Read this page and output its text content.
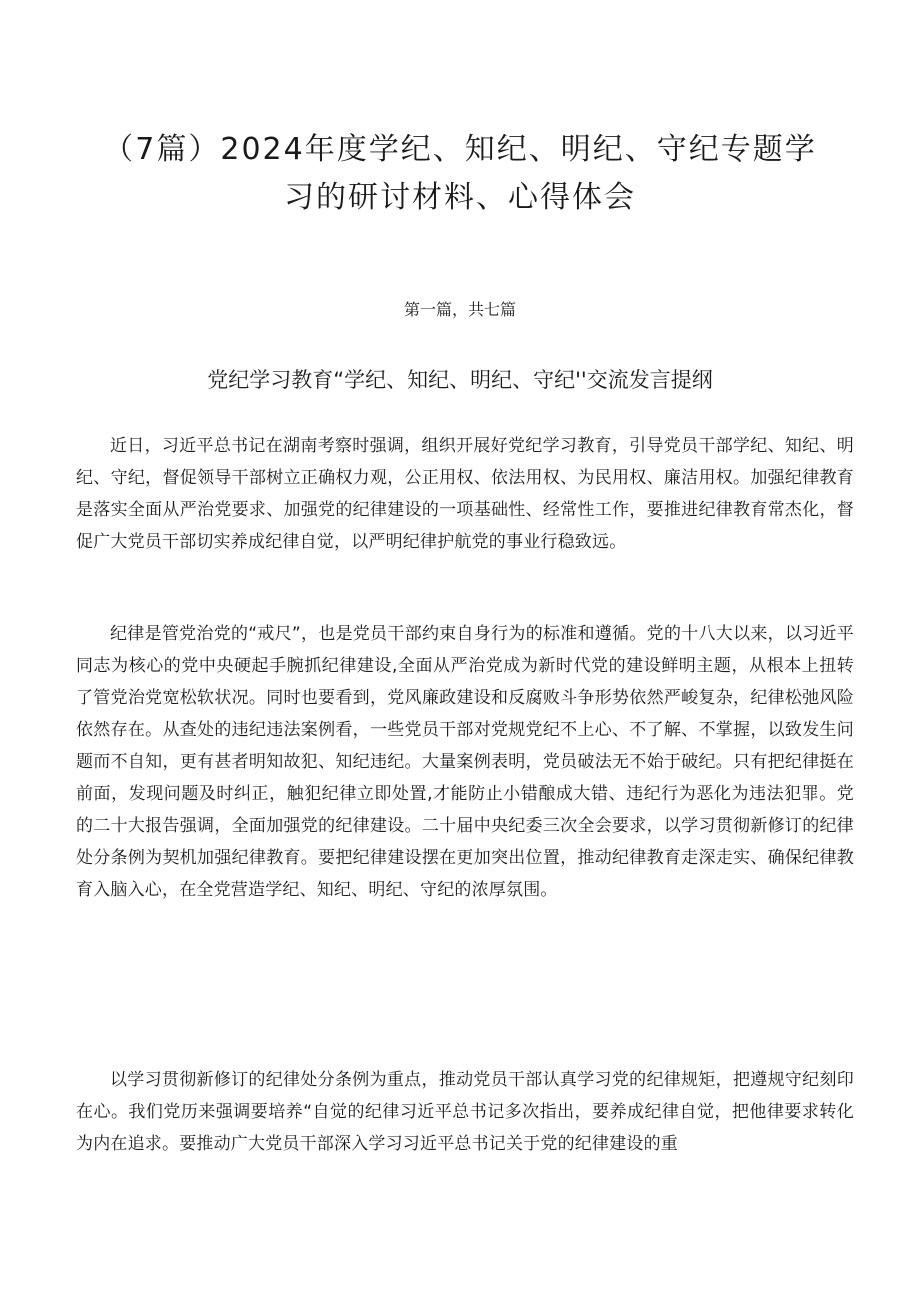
（7篇）2024年度学纪、知纪、明纪、守纪专题学习的研讨材料、心得体会

第一篇，共七篇

党纪学习教育“学纪、知纪、明纪、守纪''交流发言提纲

近日，习近平总书记在湖南考察时强调，组织开展好党纪学习教育，引导党员干部学纪、知纪、明纪、守纪，督促领导干部树立正确权力观，公正用权、依法用权、为民用权、廉洁用权。加强纪律教育是落实全面从严治党要求、加强党的纪律建设的一项基础性、经常性工作，要推进纪律教育常杰化，督促广大党员干部切实养成纪律自觉，以严明纪律护航党的事业行稳致远。

纪律是管党治党的“戒尺”，也是党员干部约束自身行为的标准和遵循。党的十八大以来，以习近平同志为核心的党中央硬起手腕抓纪律建设,全面从严治党成为新时代党的建设鲜明主题，从根本上扭转了管党治党宽松软状况。同时也要看到，党风廉政建设和反腐败斗争形势依然严峻复杂，纪律松弛风险依然存在。从查处的违纪违法案例看，一些党员干部对党规党纪不上心、不了解、不掌握，以致发生问题而不自知，更有甚者明知故犯、知纪违纪。大量案例表明，党员破法无不始于破纪。只有把纪律挺在前面，发现问题及时纠正，触犯纪律立即处置,才能防止小错酿成大错、违纪行为恶化为违法犯罪。党的二十大报告强调，全面加强党的纪律建设。二十届中央纪委三次全会要求，以学习贯彻新修订的纪律处分条例为契机加强纪律教育。要把纪律建设摆在更加突出位置，推动纪律教育走深走实、确保纪律教育入脑入心，在全党营造学纪、知纪、明纪、守纪的浓厚氛围。

以学习贯彻新修订的纪律处分条例为重点，推动党员干部认真学习党的纪律规矩，把遵规守纪刻印在心。我们党历来强调要培养“自觉的纪律习近平总书记多次指出，要养成纪律自觉，把他律要求转化为内在追求。要推动广大党员干部深入学习习近平总书记关于党的纪律建设的重
